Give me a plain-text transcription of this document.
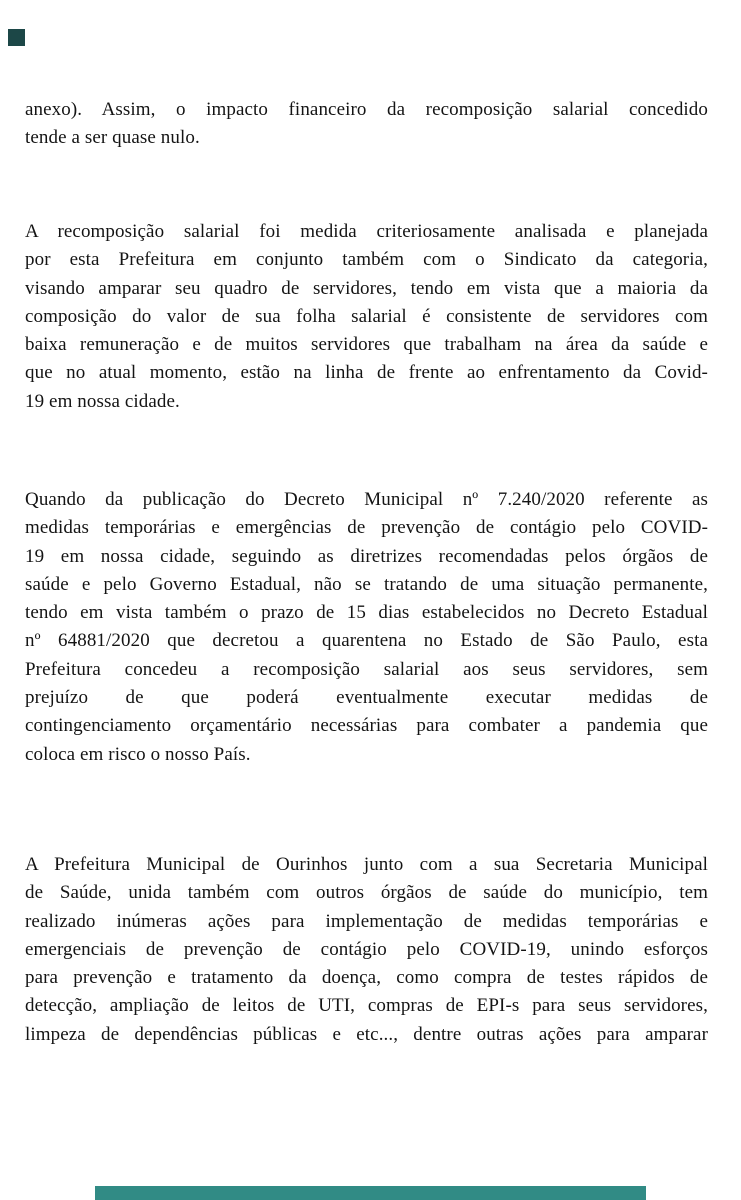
anexo). Assim, o impacto financeiro da recomposição salarial concedido
tende a ser quase nulo.
A recomposição salarial foi medida criteriosamente analisada e planejada
por esta Prefeitura em conjunto também com o Sindicato da categoria,
visando amparar seu quadro de servidores, tendo em vista que a maioria da
composição do valor de sua folha salarial é consistente de servidores com
baixa remuneração e de muitos servidores que trabalham na área da saúde e
que no atual momento, estão na linha de frente ao enfrentamento da Covid-
19 em nossa cidade.
Quando da publicação do Decreto Municipal nº 7.240/2020 referente as
medidas temporárias e emergências de prevenção de contágio pelo COVID-
19 em nossa cidade, seguindo as diretrizes recomendadas pelos órgãos de
saúde e pelo Governo Estadual, não se tratando de uma situação permanente,
tendo em vista também o prazo de 15 dias estabelecidos no Decreto Estadual
nº 64881/2020 que decretou a quarentena no Estado de São Paulo, esta
Prefeitura concedeu a recomposição salarial aos seus servidores, sem
prejuízo de que poderá eventualmente executar medidas de
contingenciamento orçamentário necessárias para combater a pandemia que
coloca em risco o nosso País.
A Prefeitura Municipal de Ourinhos junto com a sua Secretaria Municipal
de Saúde, unida também com outros órgãos de saúde do município, tem
realizado inúmeras ações para implementação de medidas temporárias e
emergenciais de prevenção de contágio pelo COVID-19, unindo esforços
para prevenção e tratamento da doença, como compra de testes rápidos de
detecção, ampliação de leitos de UTI, compras de EPI-s para seus servidores,
limpeza de dependências públicas e etc..., dentre outras ações para amparar
